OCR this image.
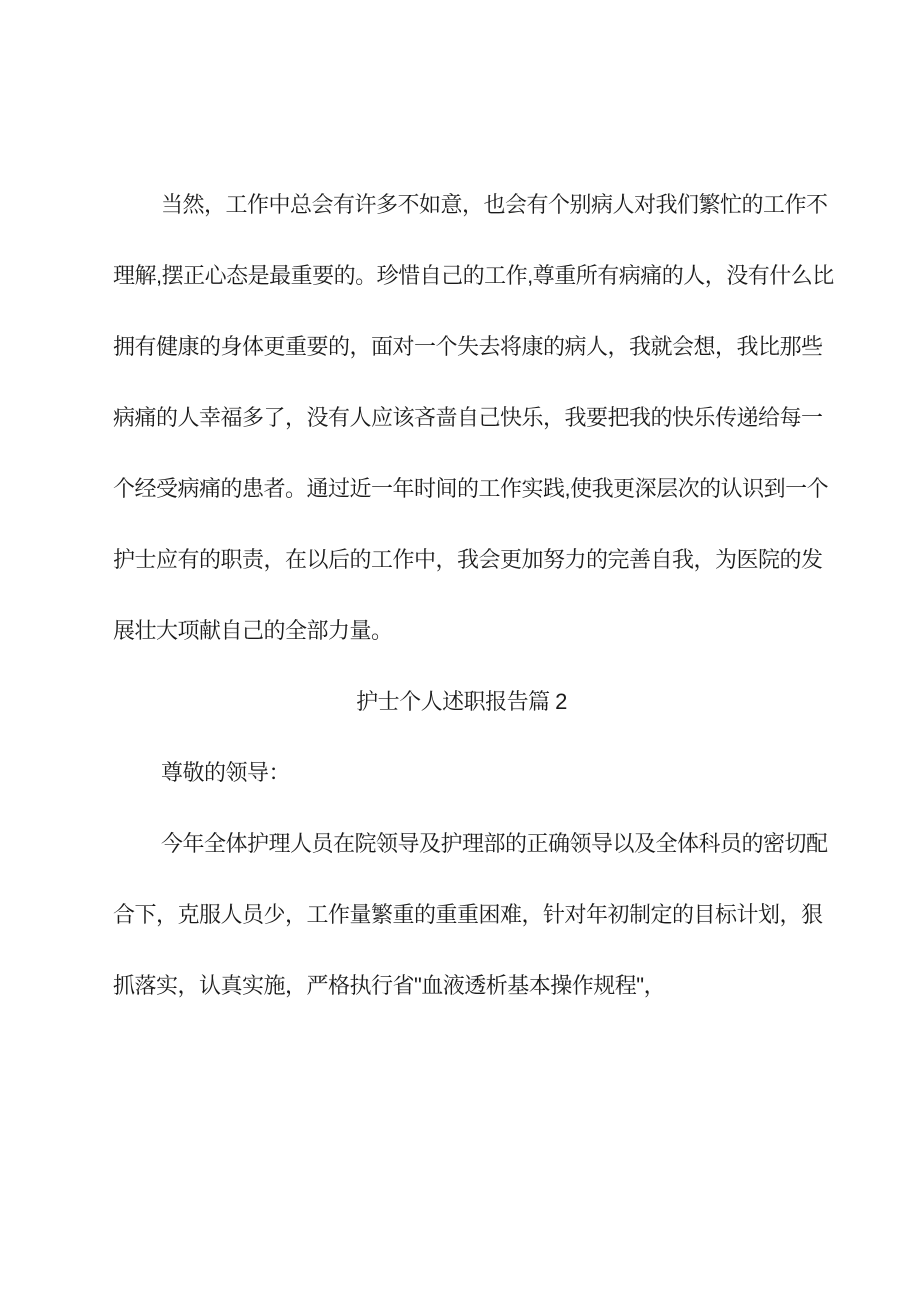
当然，工作中总会有许多不如意，也会有个别病人对我们繁忙的工作不
理解,摆正心态是最重要的。珍惜自己的工作,尊重所有病痛的人，没有什么比
拥有健康的身体更重要的，面对一个失去将康的病人，我就会想，我比那些
病痛的人幸福多了，没有人应该吝啬自己快乐，我要把我的快乐传递给每一
个经受病痛的患者。通过近一年时间的工作实践,使我更深层次的认识到一个
护士应有的职责，在以后的工作中，我会更加努力的完善自我，为医院的发
展壮大项献自己的全部力量。
护士个人述职报告篇 2
尊敬的领导：
今年全体护理人员在院领导及护理部的正确领导以及全体科员的密切配
合下，克服人员少，工作量繁重的重重困难，针对年初制定的目标计划，狠
抓落实，认真实施，严格执行省"血液透析基本操作规程"，
